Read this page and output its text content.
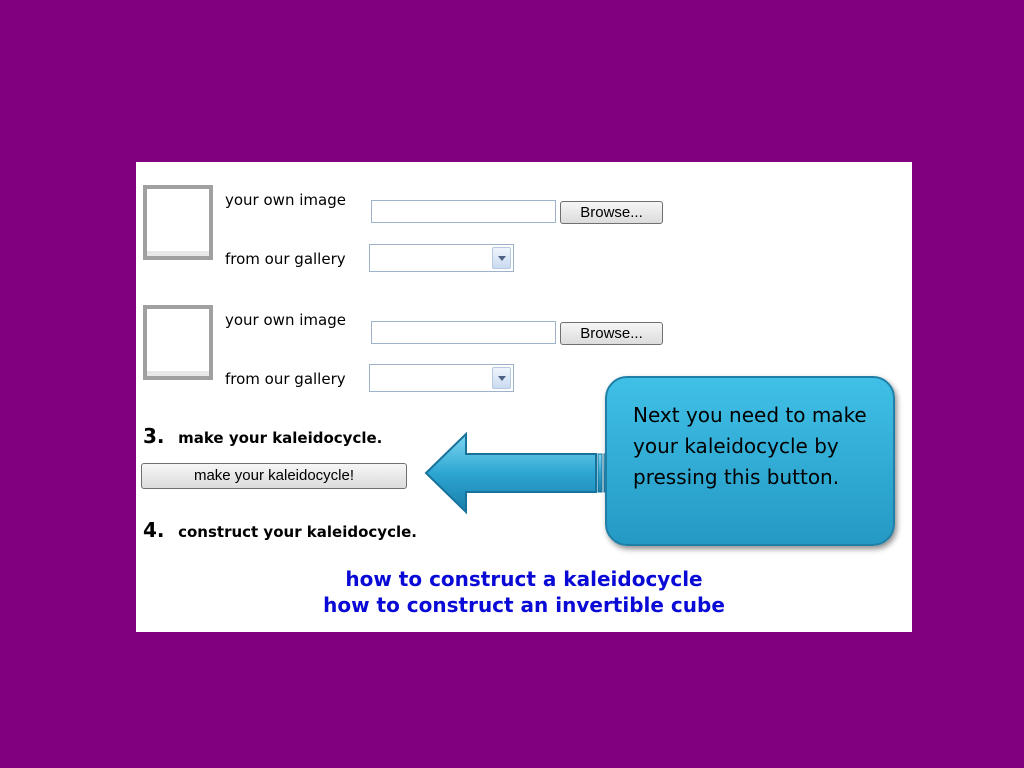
your own image
Browse...
from our gallery
your own image
Browse...
from our gallery
3. make your kaleidocycle.
make your kaleidocycle!
4. construct your kaleidocycle.
how to construct a kaleidocycle
how to construct an invertible cube
Next you need to make your kaleidocycle by pressing this button.
